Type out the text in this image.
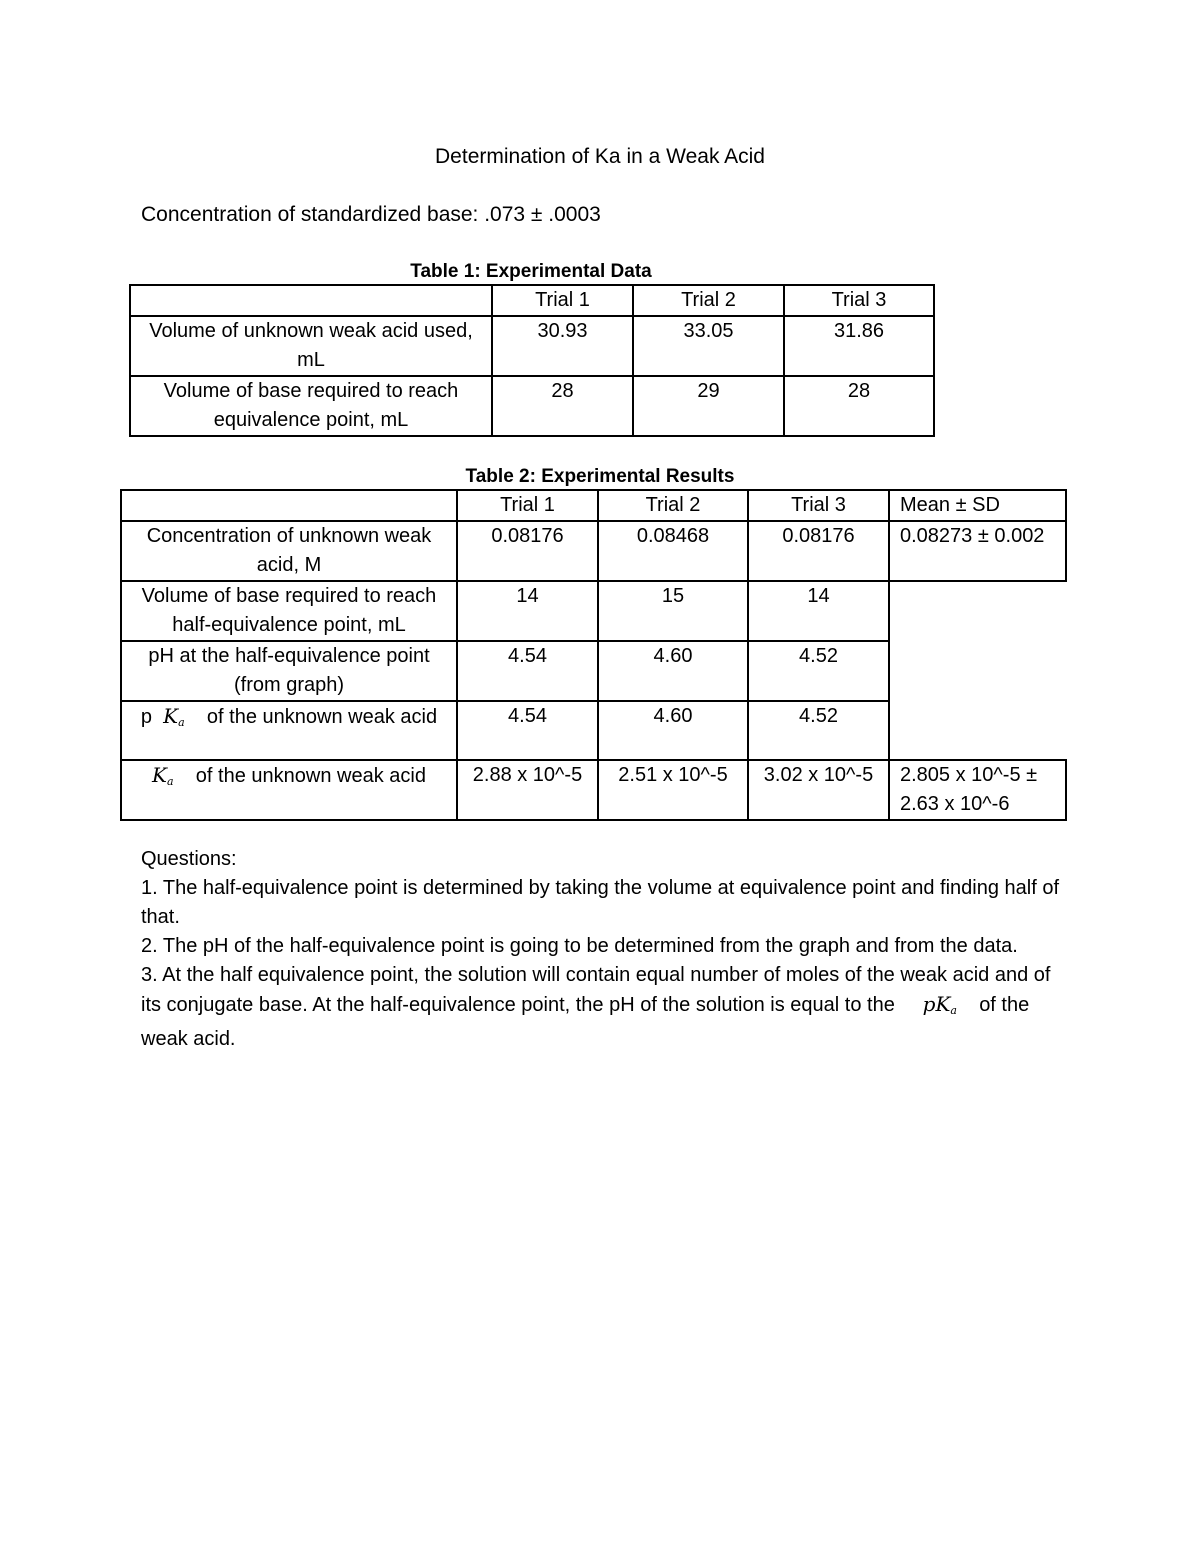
Determination of Ka in a Weak Acid
Concentration of standardized base: .073 ± .0003
Table 1: Experimental Data
	Trial 1	Trial 2	Trial 3
Volume of unknown weak acid used, mL	30.93	33.05	31.86
Volume of base required to reach equivalence point, mL	28	29	28
Table 2: Experimental Results
	Trial 1	Trial 2	Trial 3	Mean ± SD
Concentration of unknown weak acid, M	0.08176	0.08468	0.08176	0.08273 ± 0.002
Volume of base required to reach half-equivalence point, mL	14	15	14	
pH at the half-equivalence point (from graph)	4.54	4.60	4.52	
p Ka of the unknown weak acid	4.54	4.60	4.52	
Ka of the unknown weak acid	2.88 x 10^-5	2.51 x 10^-5	3.02 x 10^-5	2.805 x 10^-5 ± 2.63 x 10^-6

Questions:

1. The half-equivalence point is determined by taking the volume at equivalence point and finding half of that.

2. The pH of the half-equivalence point is going to be determined from the graph and from the data.

3. At the half equivalence point, the solution will contain equal number of moles of the weak acid and of its conjugate base. At the half-equivalence point, the pH of the solution is equal to the pKa of the weak acid.
